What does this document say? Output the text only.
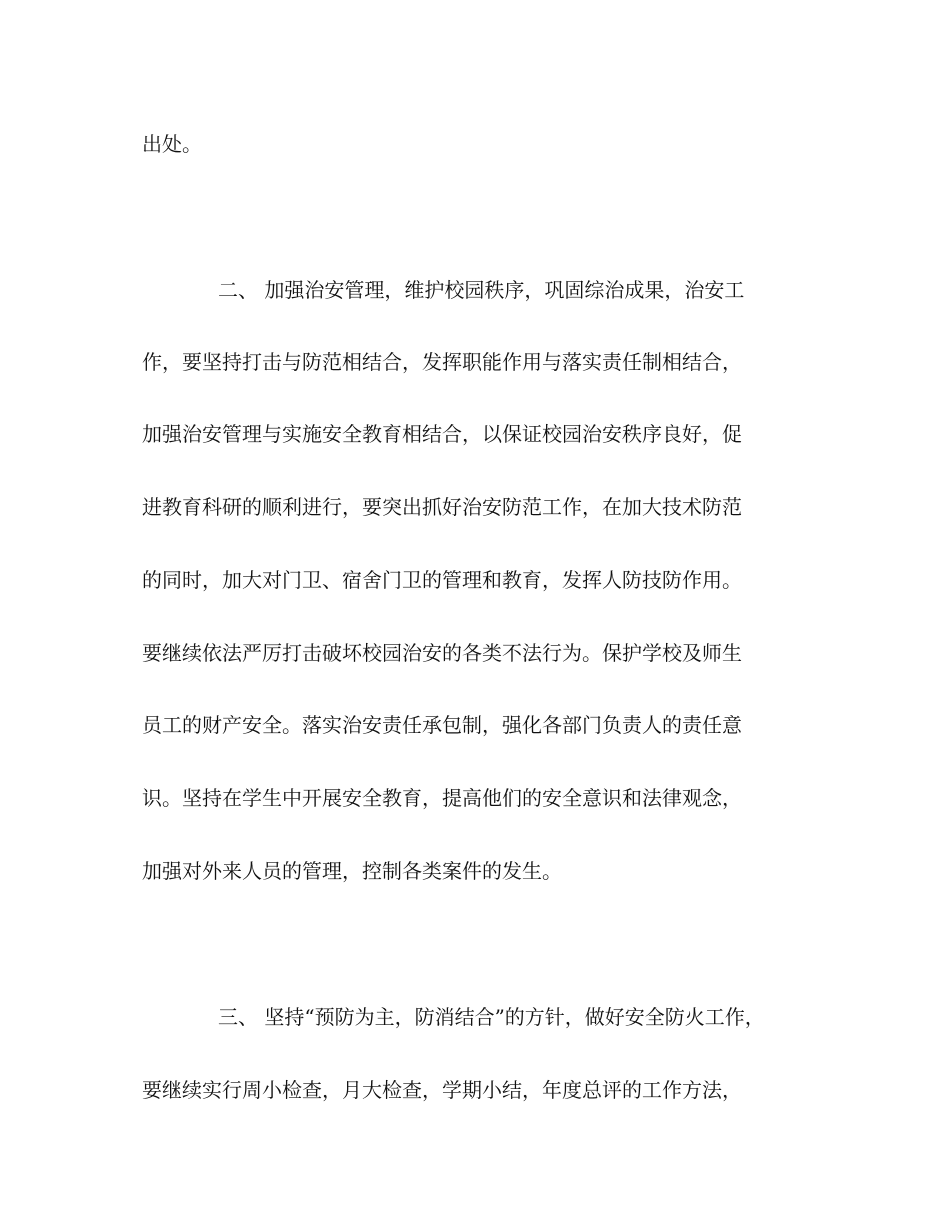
出处。
二、 加强治安管理，维护校园秩序，巩固综治成果，治安工
作，要坚持打击与防范相结合，发挥职能作用与落实责任制相结合，
加强治安管理与实施安全教育相结合，以保证校园治安秩序良好，促
进教育科研的顺利进行，要突出抓好治安防范工作，在加大技术防范
的同时，加大对门卫、宿舍门卫的管理和教育，发挥人防技防作用。
要继续依法严厉打击破坏校园治安的各类不法行为。保护学校及师生
员工的财产安全。落实治安责任承包制，强化各部门负责人的责任意
识。坚持在学生中开展安全教育，提高他们的安全意识和法律观念，
加强对外来人员的管理，控制各类案件的发生。
三、 坚持“预防为主，防消结合”的方针，做好安全防火工作，
要继续实行周小检查，月大检查，学期小结，年度总评的工作方法，
